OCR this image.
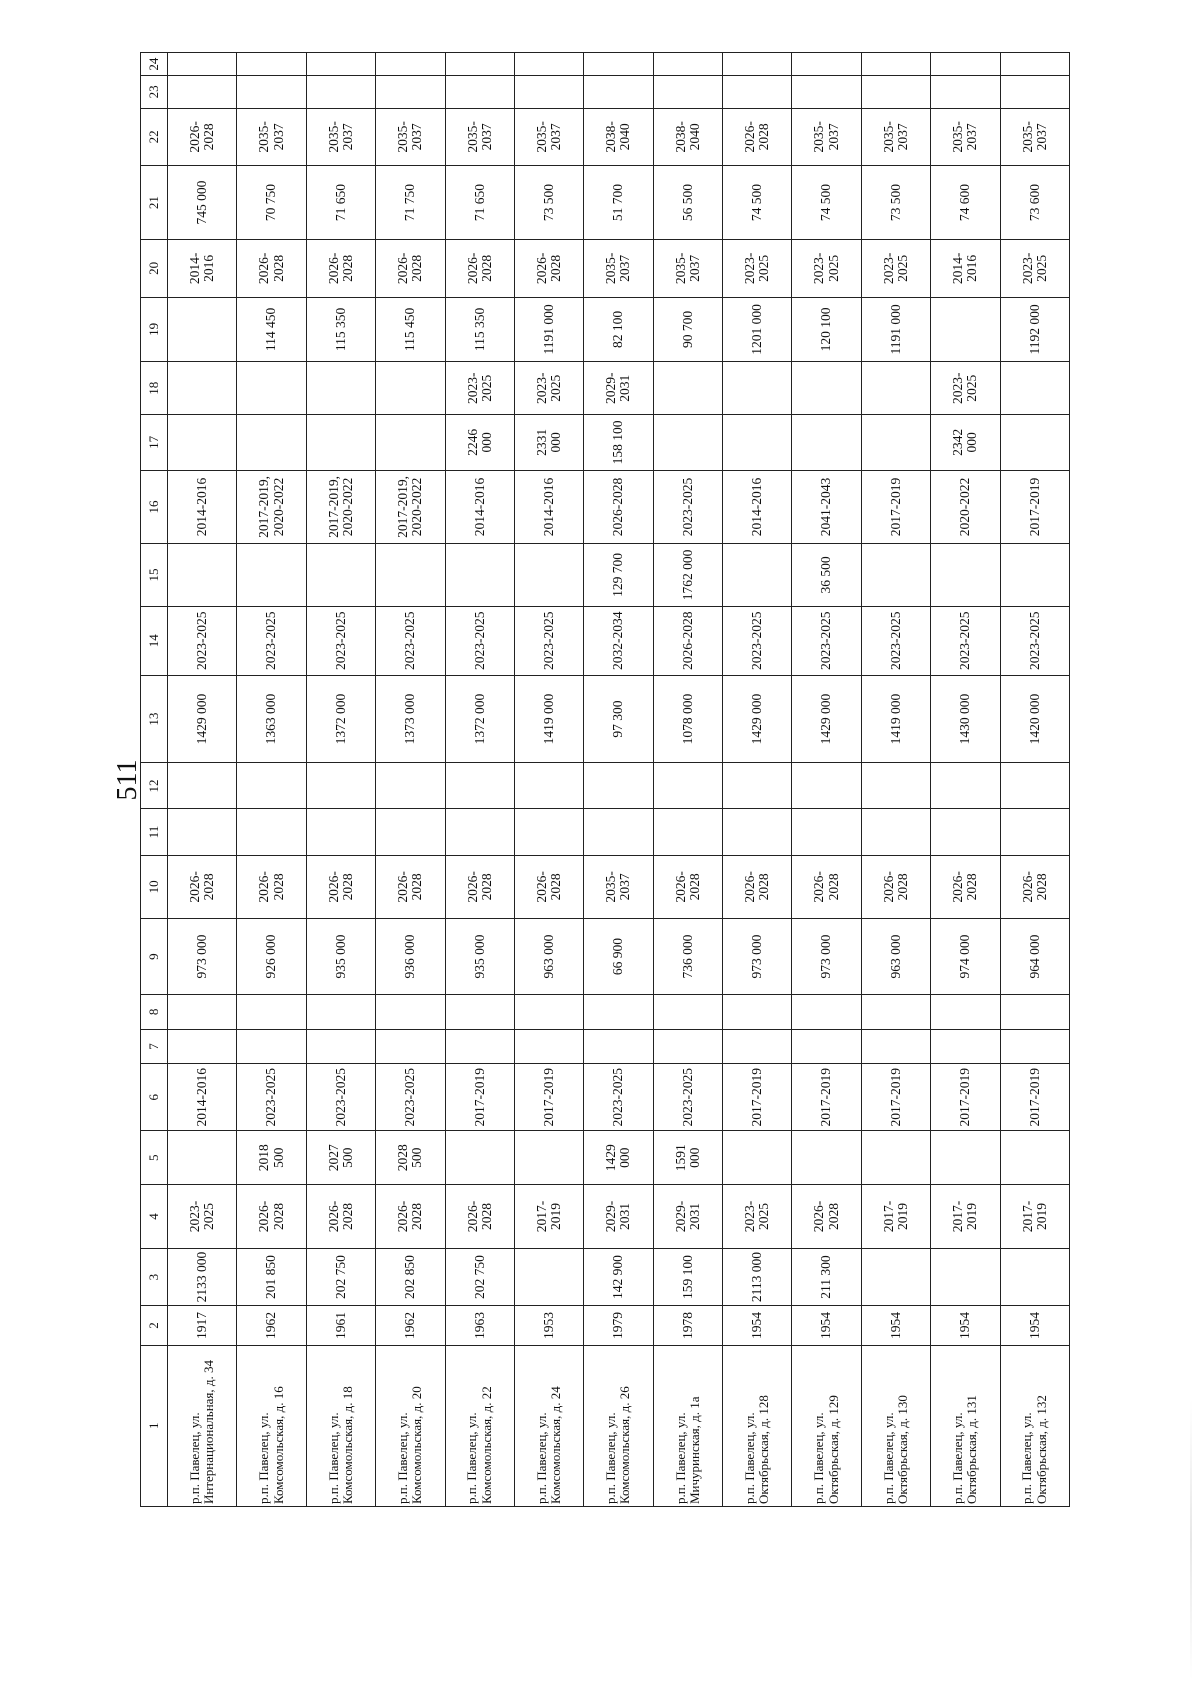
511
1	2	3	4	5	6	7	8	9	10	11	12	13	14	15	16	17	18	19	20	21	22	23	24
р.п. Павелец, ул. Интернациональная, д. 34	1917	2133 000	2023-2025		2014-2016			973 000	2026-2028			1429 000	2023-2025		2014-2016				2014-2016	745 000	2026-2028		
р.п. Павелец, ул. Комсомольская, д. 16	1962	201 850	2026-2028	2018 500	2023-2025			926 000	2026-2028			1363 000	2023-2025		2017-2019, 2020-2022			114 450	2026-2028	70 750	2035-2037		
р.п. Павелец, ул. Комсомольская, д. 18	1961	202 750	2026-2028	2027 500	2023-2025			935 000	2026-2028			1372 000	2023-2025		2017-2019, 2020-2022			115 350	2026-2028	71 650	2035-2037		
р.п. Павелец, ул. Комсомольская, д. 20	1962	202 850	2026-2028	2028 500	2023-2025			936 000	2026-2028			1373 000	2023-2025		2017-2019, 2020-2022			115 450	2026-2028	71 750	2035-2037		
р.п. Павелец, ул. Комсомольская, д. 22	1963	202 750	2026-2028		2017-2019			935 000	2026-2028			1372 000	2023-2025		2014-2016	2246 000	2023-2025	115 350	2026-2028	71 650	2035-2037		
р.п. Павелец, ул. Комсомольская, д. 24	1953		2017-2019		2017-2019			963 000	2026-2028			1419 000	2023-2025		2014-2016	2331 000	2023-2025	1191 000	2026-2028	73 500	2035-2037		
р.п. Павелец, ул. Комсомольская, д. 26	1979	142 900	2029-2031	1429 000	2023-2025			66 900	2035-2037			97 300	2032-2034	129 700	2026-2028	158 100	2029-2031	82 100	2035-2037	51 700	2038-2040		
р.п. Павелец, ул. Мичуринская, д. 1а	1978	159 100	2029-2031	1591 000	2023-2025			736 000	2026-2028			1078 000	2026-2028	1762 000	2023-2025			90 700	2035-2037	56 500	2038-2040		
р.п. Павелец, ул. Октябрьская, д. 128	1954	2113 000	2023-2025		2017-2019			973 000	2026-2028			1429 000	2023-2025		2014-2016			1201 000	2023-2025	74 500	2026-2028		
р.п. Павелец, ул. Октябрьская, д. 129	1954	211 300	2026-2028		2017-2019			973 000	2026-2028			1429 000	2023-2025	36 500	2041-2043			120 100	2023-2025	74 500	2035-2037		
р.п. Павелец, ул. Октябрьская, д. 130	1954		2017-2019		2017-2019			963 000	2026-2028			1419 000	2023-2025		2017-2019			1191 000	2023-2025	73 500	2035-2037		
р.п. Павелец, ул. Октябрьская, д. 131	1954		2017-2019		2017-2019			974 000	2026-2028			1430 000	2023-2025		2020-2022	2342 000	2023-2025		2014-2016	74 600	2035-2037		
р.п. Павелец, ул. Октябрьская, д. 132	1954		2017-2019		2017-2019			964 000	2026-2028			1420 000	2023-2025		2017-2019			1192 000	2023-2025	73 600	2035-2037		
